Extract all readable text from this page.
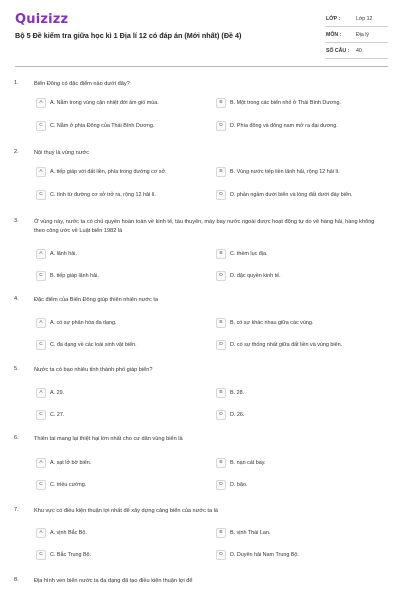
Quizizz
Bộ 5 Đề kiểm tra giữa học kì 1 Địa lí 12 có đáp án (Mới nhất) (Đề 4)
LỚP :	Lớp 12
MÔN :	Địa lý
SỐ CÂU :	40
1.	Biển Đông có đặc điểm nào dưới đây?
A	A. Nằm trong vùng cận nhiệt đới ẩm gió mùa.	B	B. Một trong các biển nhỏ ở Thái Bình Dương.
C	C. Nằm ở phía Đông của Thái Bình Dương.	D	D. Phía đông và đông nam mở ra đại dương.
2.	Nội thuỷ là vùng nước
A	A. tiếp giáp với đất liền, phía trong đường cơ sở.	B	B. Vùng nước tiếp liền lãnh hải, rộng 12 hải lí.
C	C. tính từ đường cơ sở trở ra, rộng 12 hải lí.	D	D. phần ngầm dưới biển và lòng đất dưới đáy biển.
3.	Ở vùng này, nước ta có chủ quyền hoàn toàn về kinh tế, tàu thuyền, máy bay nước ngoài được hoạt động tự do về hàng hải, hàng không theo công ước về Luật biển 1982 là
A	A. lãnh hải.	B	C. thềm lục địa.
C	B. tiếp giáp lãnh hải.	D	D. đặc quyền kinh tế.
4.	Đặc điểm của Biển Đông giúp thiên nhiên nước ta
A	A. có sự phân hóa đa dạng.	B	B. có sự khác nhau giữa các vùng.
C	C. đa dạng về các loài sinh vật biển.	D	D. có sự thống nhất giữa đất liền và vùng biển.
5.	Nước ta có bao nhiêu tỉnh thành phố giáp biển?
A	A. 29.	B	B. 28.
C	C. 27.	D	D. 26.
6.	Thiên tai mang lại thiệt hại lớn nhất cho cư dân vùng biển là
A	A. sạt lở bờ biển.	B	B. nạn cát bay.
C	C. triều cường.	D	D. bão.
7.	Khu vực có điều kiện thuận lợi nhất để xây dựng cảng biển của nước ta là
A	A. vịnh Bắc Bộ.	B	B. vịnh Thái Lan.
C	C. Bắc Trung Bộ.	D	D. Duyên hải Nam Trung Bộ.
8.	Địa hình ven biển nước ta đa dạng đã tạo điều kiện thuận lợi để
